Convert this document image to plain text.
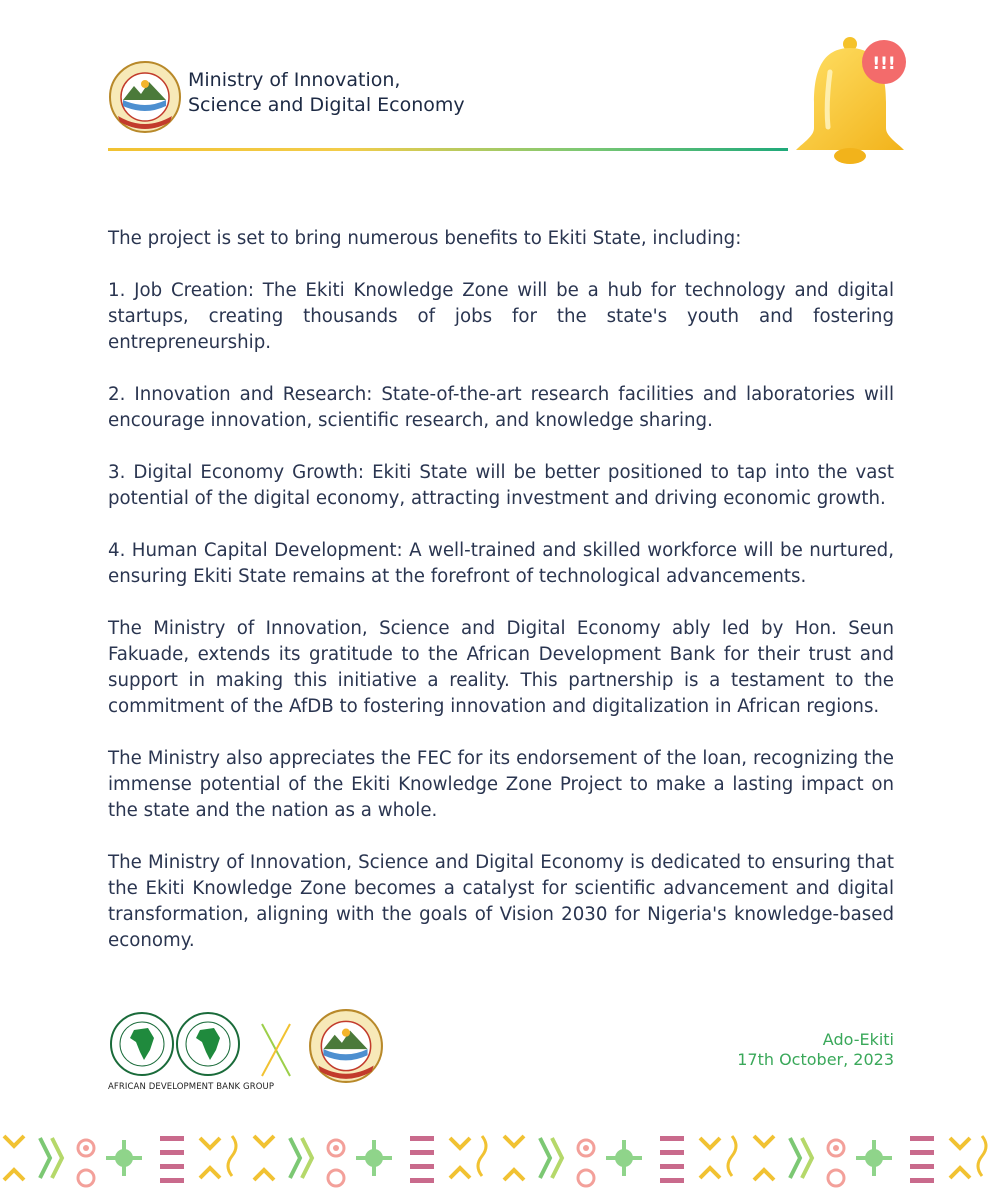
Ministry of Innovation,
Science and Digital Economy
!!!

The project is set to bring numerous benefits to Ekiti State, including:

1. Job Creation: The Ekiti Knowledge Zone will be a hub for technology and digital startups, creating thousands of jobs for the state's youth and fostering entrepreneurship.

2. Innovation and Research: State-of-the-art research facilities and laboratories will encourage innovation, scientific research, and knowledge sharing.

3. Digital Economy Growth: Ekiti State will be better positioned to tap into the vast potential of the digital economy, attracting investment and driving economic growth.

4. Human Capital Development: A well-trained and skilled workforce will be nurtured, ensuring Ekiti State remains at the forefront of technological advancements.

The Ministry of Innovation, Science and Digital Economy ably led by Hon. Seun Fakuade, extends its gratitude to the African Development Bank for their trust and support in making this initiative a reality. This partnership is a testament to the commitment of the AfDB to fostering innovation and digitalization in African regions.

The Ministry also appreciates the FEC for its endorsement of the loan, recognizing the immense potential of the Ekiti Knowledge Zone Project to make a lasting impact on the state and the nation as a whole.

The Ministry of Innovation, Science and Digital Economy is dedicated to ensuring that the Ekiti Knowledge Zone becomes a catalyst for scientific advancement and digital transformation, aligning with the goals of Vision 2030 for Nigeria's knowledge-based economy.

AFRICAN DEVELOPMENT BANK GROUP
Ado-Ekiti
17th October, 2023
